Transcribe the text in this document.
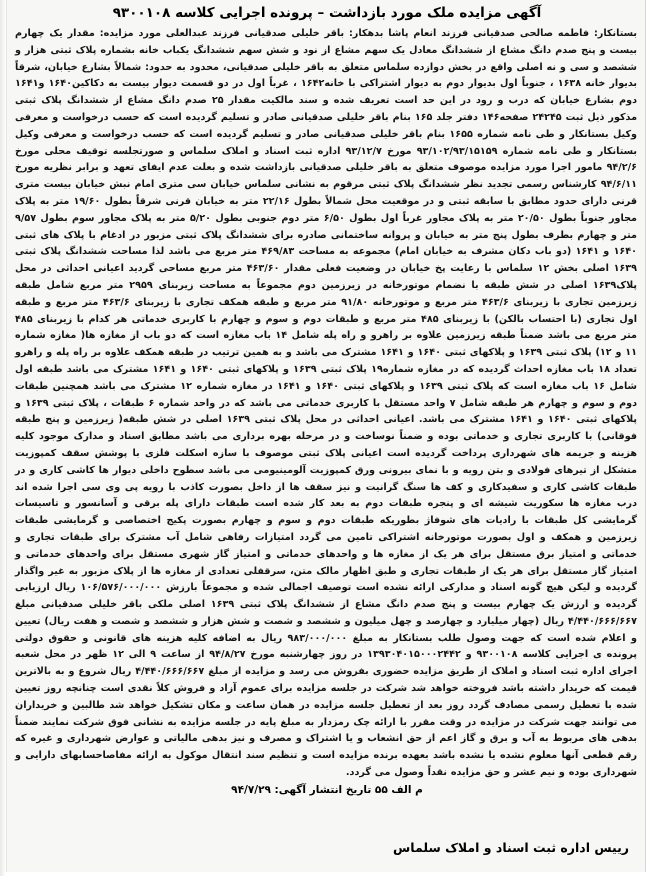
آگهی مزایده ملک مورد بازداشت – پرونده اجرایی کلاسه ۹۳۰۰۱۰۸
بستانکار: فاطمه صالحی صدقیانی فرزند انعام پاشا بدهکار: باقر خلیلی صدقیانی فرزند عبدالعلی مورد مزایده: مقدار یک چهارم بیست و پنج صدم دانگ مشاع از ششدانگ معادل یک سهم مشاع از نود و شش سهم ششدانگ یکباب خانه بشماره پلاک ثبتی هزار و ششصد و سی و نه اصلی واقع در بخش دوازده سلماس متعلق به باقر خلیلی صدقیانی، محدود به حدود: شمالاً بشارع خیابان، شرقاً بدیوار خانه ۱۶۳۸ ، جنوباً اول بدیوار دوم به دیوار اشتراکی با خانه۱۶۴۲ ، غرباً اول در دو قسمت دیوار بیست به دکاکین۱۶۴۰ و۱۶۴۱ دوم بشارع خیابان که درب و رود در این حد است تعریف شده و سند مالکیت مقدار ۲۵ صدم دانگ مشاع از ششدانگ پلاک ثبتی مذکور ذیل ثبت ۲۴۲۴۵ صفحه۱۴۶ دفتر جلد ۱۶۵ بنام باقر خلیلی صدقیانی صادر و تسلیم گردیده است که حسب درخواست و معرفی وکیل بستانکار و طی نامه شماره ۱۶۵۵ بنام باقر خلیلی صدقیانی صادر و تسلیم گردیده است که حسب درخواست و معرفی وکیل بستانکار و طی نامه شماره ۹۳/۱۰۲/۹۳/۱۵۱۵۹ مورخ ۹۳/۱۲/۷ اداره ثبت اسناد و املاک سلماس و صورتجلسه توقیف محلی مورخ ۹۴/۲/۶ مامور اجرا مورد مزایده موصوف متعلق به باقر خلیلی صدقیانی بازداشت شده و بعلت عدم ایفای تعهد و برابر نظریه مورخ ۹۴/۶/۱۱ کارشناس رسمی تجدید نظر ششدانگ پلاک ثبتی مرقوم به نشانی سلماس خیابان سی متری امام نبش خیابان بیست متری قرنی دارای حدود مطابق با سابقه ثبتی و در موقعیت محل شمالاً بطول ۲۲/۱۶ متر به خیابان قرنی شرقاً بطول ۱۹/۶۰ متر به پلاک مجاور جنوباً بطول ۲۰/۵۰ متر به پلاک مجاور غرباً اول بطول ۶/۵۰ متر دوم جنوبی بطول ۵/۲۰ متر به پلاک مجاور سوم بطول ۹/۵۷ متر و چهارم بطرف بطول پنج متر به خیابان و پروانه ساختمانی صادره برای ششدانگ پلاک ثبتی مزبور در ادغام با پلاک های ثبتی ۱۶۴۰ و ۱۶۴۱ (دو باب دکان مشرف به خیابان امام) مجموعه به مساحت ۴۶۹/۸۳ متر مربع می باشد لذا مساحت ششدانگ پلاک ثبتی ۱۶۳۹ اصلی بخش ۱۲ سلماس با رعایت پخ خیابان در وضعیت فعلی مقدار ۴۶۳/۶۰ متر مربع مساحی گردید اعیانی احداثی در محل پلاک۱۶۳۹ اصلی در شش طبقه با نضمام موتورخانه در زیرزمین دوم مجموعاً به مساحت زیربنای ۲۹۵۹ متر مربع شامل طبقه زیرزمین تجاری با زیربنای ۴۶۳/۶ متر مربع و موتورخانه ۹۱/۸۰ متر مربع و طبقه همکف تجاری با زیربنای ۴۶۳/۶ متر مربع و طبقه اول تجاری (با احتساب بالکن) با زیربنای ۴۸۵ متر مربع و طبقات دوم و سوم و چهارم با کاربری خدماتی هر کدام با زیربنای ۴۸۵ متر مربع می باشد ضمناً طبقه زیرزمین علاوه بر راهرو و راه پله شامل ۱۴ باب مغازه است که دو باب از مغازه ها( مغازه شماره ۱۱ و ۱۲) پلاک ثبتی ۱۶۳۹ و پلاکهای ثبتی ۱۶۴۰ و ۱۶۴۱ مشترک می باشد و به همین ترتیب در طبقه همکف علاوه بر راه پله و راهرو تعداد ۱۸ باب مغازه احداث گردیده که در مغازه شماره۱۹ پلاک ثبتی ۱۶۳۹ و پلاکهای ثبتی ۱۶۴۰ و ۱۶۴۱ مشترک می باشد طبقه اول شامل ۱۶ باب مغازه است که پلاک ثبتی ۱۶۳۹ و پلاکهای ثبتی ۱۶۴۰ و ۱۶۴۱ در مغازه شماره ۱۲ مشترک می باشد همچنین طبقات دوم و سوم و چهارم هر طبقه شامل ۷ واحد مستقل با کاربری خدماتی می باشد که در واحد شماره ۶ طبقات ، پلاک ثبتی ۱۶۳۹ و پلاکهای ثبتی ۱۶۴۰ و ۱۶۴۱ مشترک می باشد. اعیانی احداثی در محل پلاک ثبتی ۱۶۳۹ اصلی در شش طبقه( زیرزمین و پنج طبقه فوقانی) با کاربری تجاری و خدماتی بوده و ضمناً نوساخت و در مرحله بهره برداری می باشد مطابق اسناد و مدارک موجود کلیه هزینه و جریمه های شهرداری پرداخت گردیده است اعیانی پلاک ثبتی موصوف با سازه اسکلت فلزی با پوشش سقف کمپوزیت متشکل از تیرهای فولادی و بتن رویه و با نمای بیرونی ورق کمپوزیت آلومینیومی می باشد سطوح داخلی دیوار ها کاشی کاری و در طبقات کاشی کاری و سفیدکاری و کف ها سنگ گرانیت و نیز سقف ها از داخل بصورت کاذب با رویه پی وی سی اجرا شده اند درب مغازه ها سکوریت شیشه ای و پنجره طبقات دوم به بعد کار شده است طبقات دارای پله برقی و آسانسور و تاسیسات گرمایشی کل طبقات با رادیات های شوفاژ بطوریکه طبقات دوم و سوم و چهارم بصورت پکیج اختصاصی و گرمایشی طبقات زیرزمین و همکف و اول بصورت موتورخانه اشتراکی تامین می گردد امتیازات رفاهی شامل آب مشترک برای طبقات تجاری و خدماتی و امتیاز برق مستقل برای هر یک از مغازه ها و واحدهای خدماتی و امتیاز گاز شهری مستقل برای واحدهای خدماتی و امتیاز گاز مستقل برای هر یک از طبقات تجاری و طبق اظهار مالک متن، سرقفلی تعدادی از مغازه ها از پلاک مزبور به غیر واگذار گردیده و لیکن هیچ گونه اسناد و مدارکی ارائه نشده است توصیف اجمالی شده و مجموعاً بارزش ۱۰۶/۵۷۶/۰۰۰/۰۰۰ ریال ارزیابی گردیده و ارزش یک چهارم بیست و پنج صدم دانگ مشاع از ششدانگ پلاک ثبتی ۱۶۳۹ اصلی ملکی باقر خلیلی صدقیانی مبلغ ۴/۴۴۰/۶۶۶/۶۶۷ ریال (چهار میلیارد و چهارصد و چهل میلیون و ششصد و شصت و شش هزار و ششصد و شصت و هفت ریال) تعیین و اعلام شده است که جهت وصول طلب بستانکار به مبلغ ۹۸۳/۰۰۰/۰۰۰ ریال به اضافه کلیه هزینه های قانونی و حقوق دولتی پرونده ی اجرایی کلاسه ۹۳۰۰۱۰۸ و ۱۳۹۳۰۴۰۱۵۰۰۰۲۴۴۲ در روز چهارشنبه مورخ ۹۴/۸/۲۷ از ساعت ۹ الی ۱۲ ظهر در محل شعبه اجرای اداره ثبت اسناد و املاک از طریق مزایده حضوری بفروش می رسد و مزایده از مبلغ ۴/۴۴۰/۶۶۶/۶۶۷ ریال شروع و به بالاترین قیمت که خریدار داشته باشد فروخته خواهد شد شرکت در جلسه مزایده برای عموم آزاد و فروش کلاً نقدی است چنانچه روز تعیین شده با تعطیل رسمی مصادف گردد روز بعد از تعطیل جلسه مزایده در همان ساعت و مکان تشکیل خواهد شد طالبین و خریداران می توانند جهت شرکت در مزایده در وقت مقرر با ارائه چک رمزدار به مبلغ پایه در جلسه مزایده به نشانی فوق شرکت نمایند ضمناً بدهی های مربوط به آب و برق و گاز اعم از حق انشعاب و یا اشتراک و مصرف و نیز بدهی مالیاتی و عوارض شهرداری و غیره که رقم قطعی آنها معلوم نشده یا نشده باشد بعهده برنده مزایده است و تنظیم سند انتقال موکول به ارائه مفاصاحسابهای دارایی و شهرداری بوده و نیم عشر و حق مزایده نقداً وصول می گردد.
م الف ۵۵ تاریخ انتشار آگهی: ۹۴/۷/۲۹
رییس اداره ثبت اسناد و املاک سلماس
